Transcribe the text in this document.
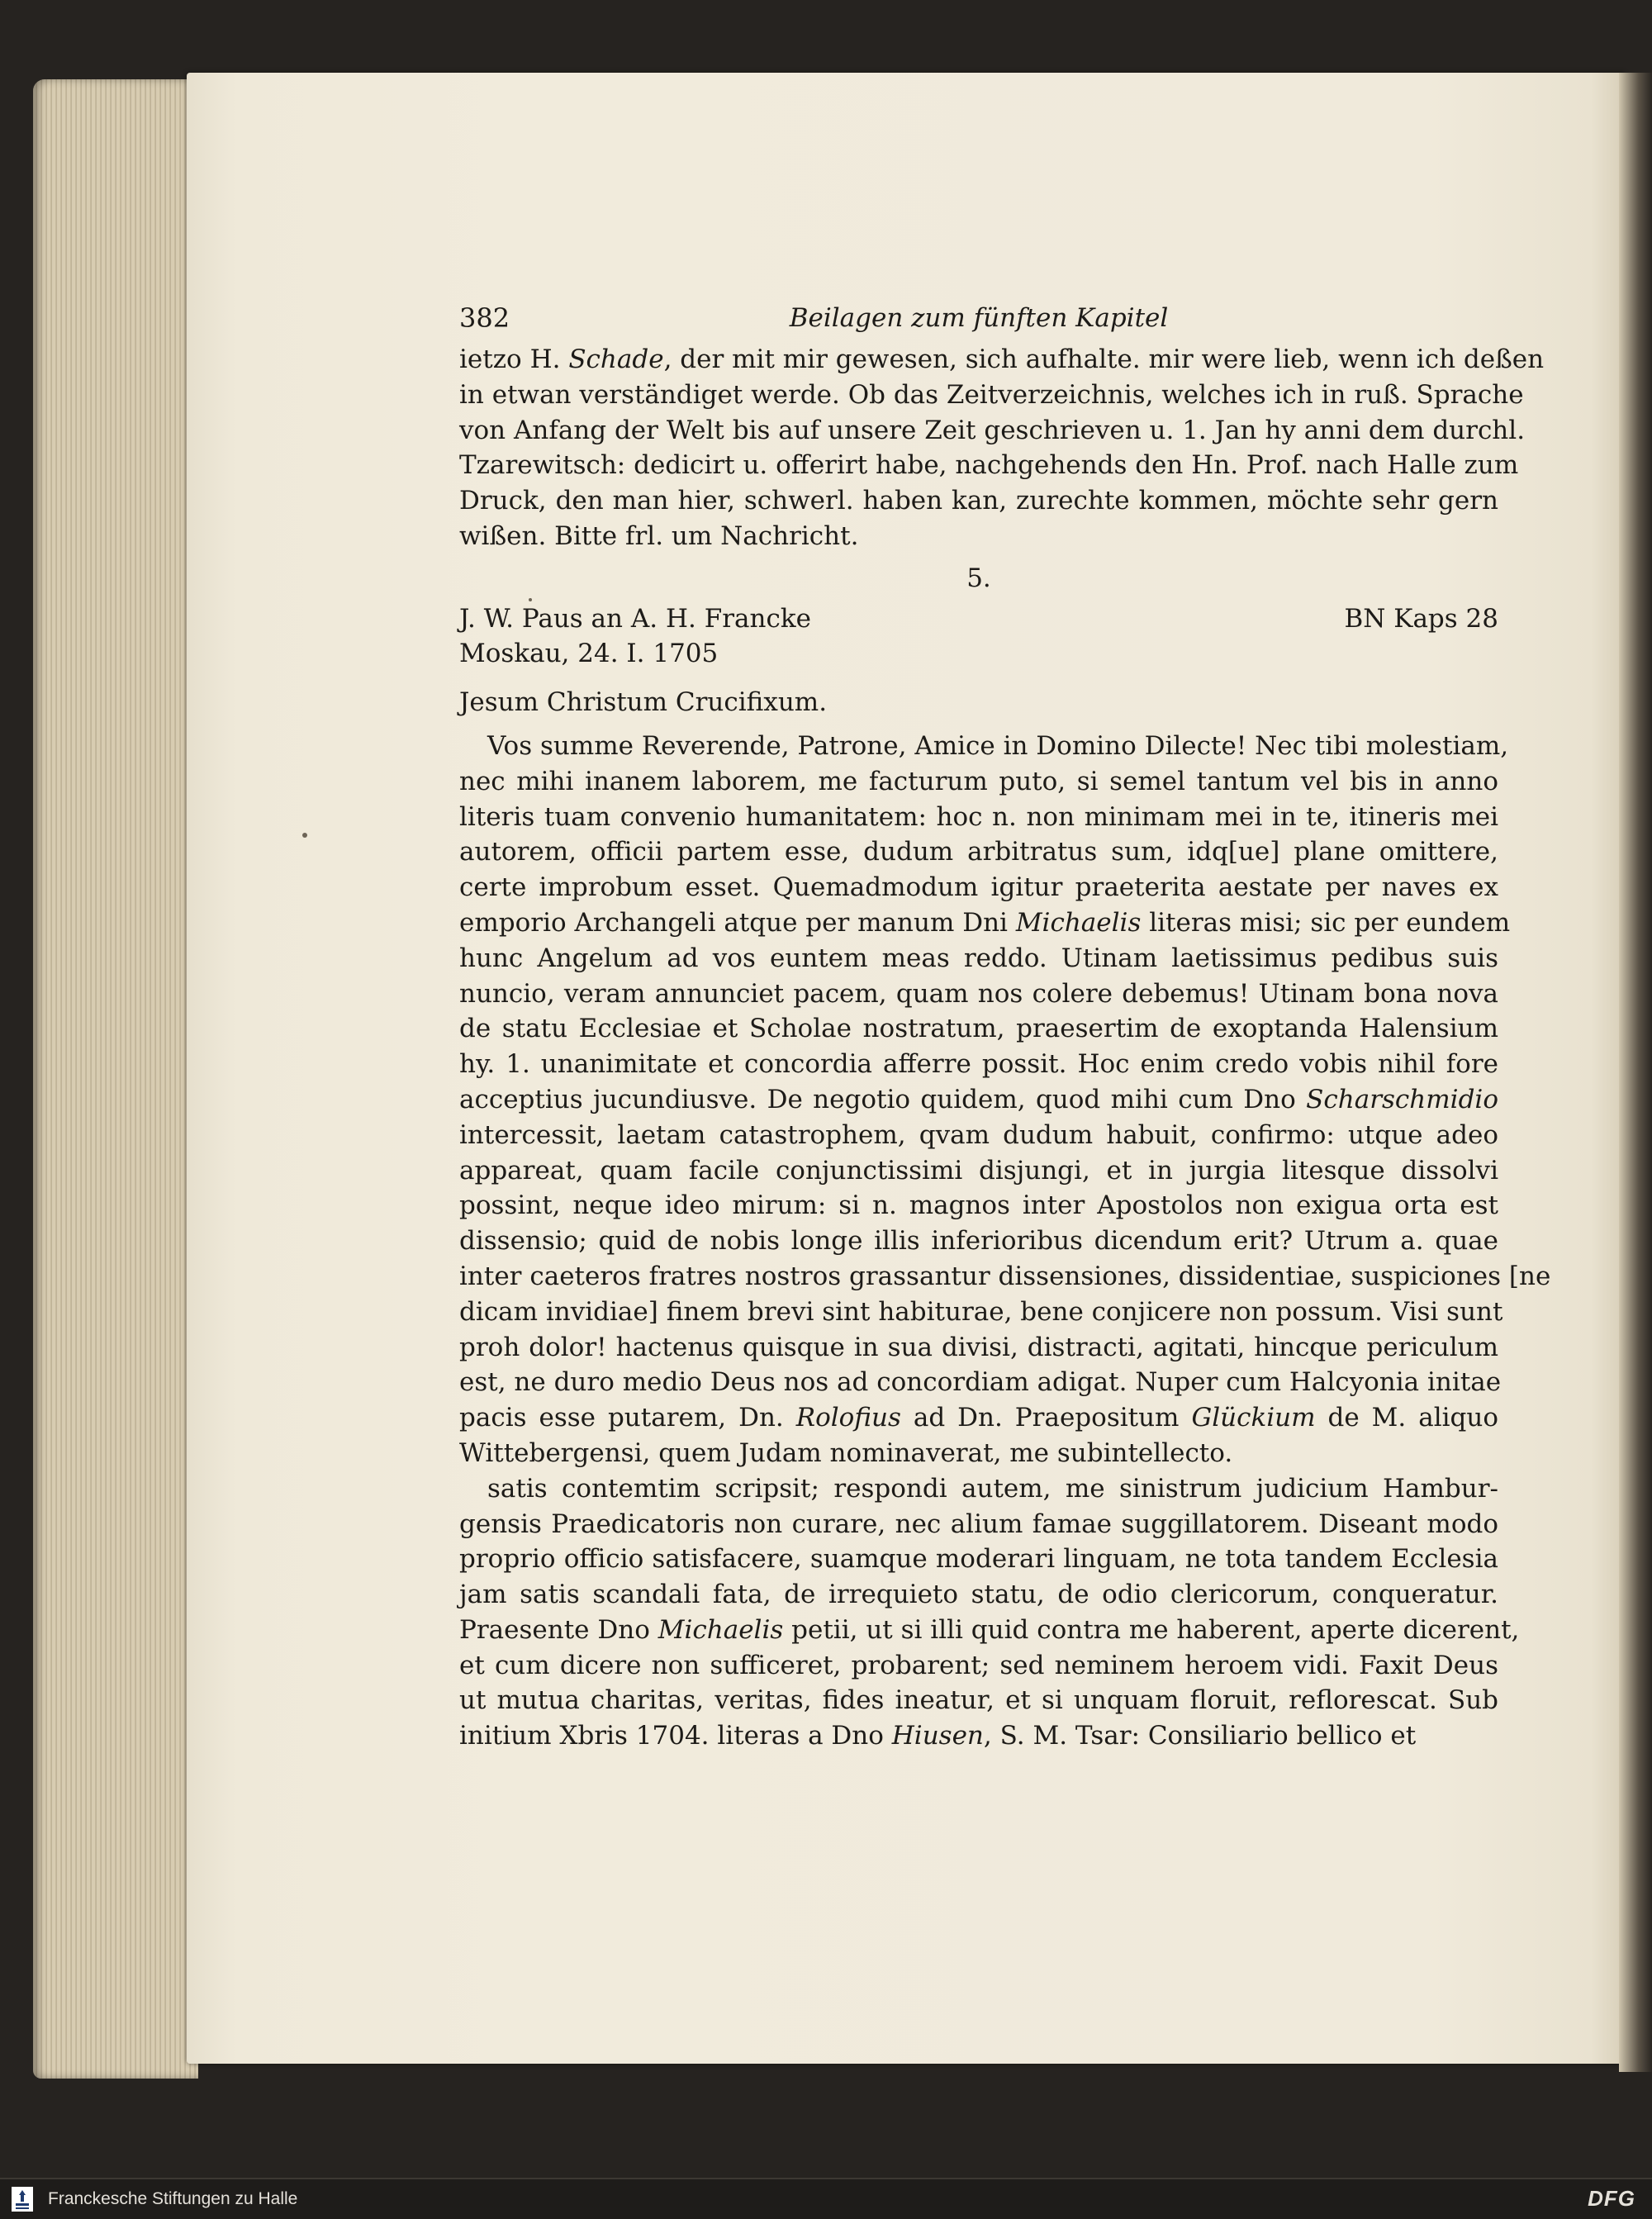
382	Beilagen zum fünften Kapitel
ietzo H. Schade, der mit mir gewesen, sich aufhalte. mir were lieb, wenn ich deßen
in etwan verständiget werde. Ob das Zeitverzeichnis, welches ich in ruß. Sprache
von Anfang der Welt bis auf unsere Zeit geschrieven u. 1. Jan hy anni dem durchl.
Tzarewitsch: dedicirt u. offerirt habe, nachgehends den Hn. Prof. nach Halle zum
Druck, den man hier, schwerl. haben kan, zurechte kommen, möchte sehr gern
wißen. Bitte frl. um Nachricht.
5.
J. W. Paus an A. H. Francke	BN Kaps 28
Moskau, 24. I. 1705
Jesum Christum Crucifixum.
Vos summe Reverende, Patrone, Amice in Domino Dilecte! Nec tibi molestiam,
nec mihi inanem laborem, me facturum puto, si semel tantum vel bis in anno
literis tuam convenio humanitatem: hoc n. non minimam mei in te, itineris mei
autorem, officii partem esse, dudum arbitratus sum, idq[ue] plane omittere,
certe improbum esset. Quemadmodum igitur praeterita aestate per naves ex
emporio Archangeli atque per manum Dni Michaelis literas misi; sic per eundem
hunc Angelum ad vos euntem meas reddo. Utinam laetissimus pedibus suis
nuncio, veram annunciet pacem, quam nos colere debemus! Utinam bona nova
de statu Ecclesiae et Scholae nostratum, praesertim de exoptanda Halensium
hy. 1. unanimitate et concordia afferre possit. Hoc enim credo vobis nihil fore
acceptius jucundiusve. De negotio quidem, quod mihi cum Dno Scharschmidio
intercessit, laetam catastrophem, qvam dudum habuit, confirmo: utque adeo
appareat, quam facile conjunctissimi disjungi, et in jurgia litesque dissolvi
possint, neque ideo mirum: si n. magnos inter Apostolos non exigua orta est
dissensio; quid de nobis longe illis inferioribus dicendum erit? Utrum a. quae
inter caeteros fratres nostros grassantur dissensiones, dissidentiae, suspiciones [ne
dicam invidiae] finem brevi sint habiturae, bene conjicere non possum. Visi sunt
proh dolor! hactenus quisque in sua divisi, distracti, agitati, hincque periculum
est, ne duro medio Deus nos ad concordiam adigat. Nuper cum Halcyonia initae
pacis esse putarem, Dn. Rolofius ad Dn. Praepositum Glückium de M. aliquo
Wittebergensi, quem Judam nominaverat, me subintellecto.
satis contemtim scripsit; respondi autem, me sinistrum judicium Hambur-
gensis Praedicatoris non curare, nec alium famae suggillatorem. Diseant modo
proprio officio satisfacere, suamque moderari linguam, ne tota tandem Ecclesia
jam satis scandali fata, de irrequieto statu, de odio clericorum, conqueratur.
Praesente Dno Michaelis petii, ut si illi quid contra me haberent, aperte dicerent,
et cum dicere non sufficeret, probarent; sed neminem heroem vidi. Faxit Deus
ut mutua charitas, veritas, fides ineatur, et si unquam floruit, reflorescat. Sub
initium Xbris 1704. literas a Dno Hiusen, S. M. Tsar: Consiliario bellico et
Franckesche Stiftungen zu Halle	DFG
